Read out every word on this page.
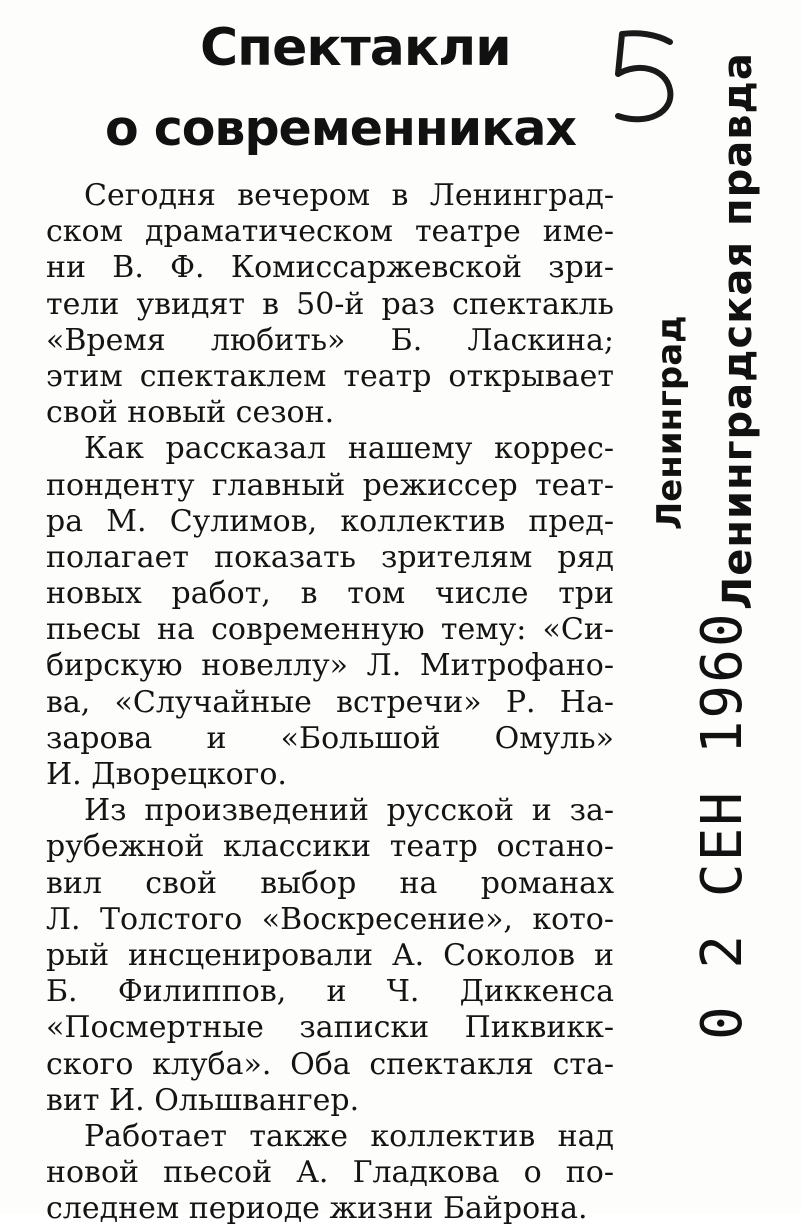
Спектакли
о современниках
Сегодня вечером в Ленинград-
ском драматическом театре име-
ни В. Ф. Комиссаржевской зри-
тели увидят в 50-й раз спектакль
«Время любить» Б. Ласкина;
этим спектаклем театр открывает
свой новый сезон.
Как рассказал нашему коррес-
понденту главный режиссер теат-
ра М. Сулимов, коллектив пред-
полагает показать зрителям ряд
новых работ, в том числе три
пьесы на современную тему: «Си-
бирскую новеллу» Л. Митрофано-
ва, «Случайные встречи» Р. На-
зарова и «Большой Омуль»
И. Дворецкого.
Из произведений русской и за-
рубежной классики театр остано-
вил свой выбор на романах
Л. Толстого «Воскресение», кото-
рый инсценировали А. Соколов и
Б. Филиппов, и Ч. Диккенса
«Посмертные записки Пиквикк-
ского клуба». Оба спектакля ста-
вит И. Ольшвангер.
Работает также коллектив над
новой пьесой А. Гладкова о по-
следнем периоде жизни Байрона.
0 2 СЕН 1960
Ленинградская правда
Ленинград
